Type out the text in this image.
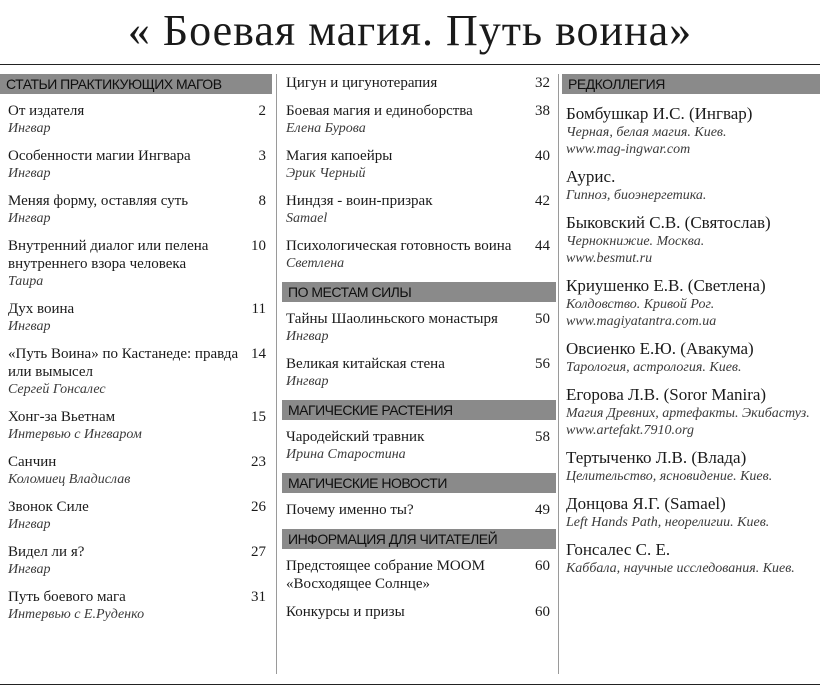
« Боевая магия. Путь воина»
СТАТЬИ ПРАКТИКУЮЩИХ МАГОВ
От издателя
Ингвар
2
Особенности магии Ингвара
Ингвар
3
Меняя форму, оставляя суть
Ингвар
8
Внутренний диалог или пелена внутреннего взора человека
Таира
10
Дух воина
Ингвар
11
«Путь Воина» по Кастанеде: правда или вымысел
Сергей Гонсалес
14
Хонг-за Вьетнам
Интервью с Ингваром
15
Санчин
Коломиец Владислав
23
Звонок Силе
Ингвар
26
Видел ли я?
Ингвар
27
Путь боевого мага
Интервью с Е.Руденко
31
Цигун и цигунотерапия	32
Боевая магия и единоборства
Елена Бурова
38
Магия капоейры
Эрик Черный
40
Ниндзя - воин-призрак
Samael
42
Психологическая готовность воина
Светлена
44
ПО МЕСТАМ СИЛЫ
Тайны Шаолиньского монастыря
Ингвар
50
Великая китайская стена
Ингвар
56
МАГИЧЕСКИЕ РАСТЕНИЯ
Чародейский травник
Ирина Старостина
58
МАГИЧЕСКИЕ НОВОСТИ
Почему именно ты?	49
ИНФОРМАЦИЯ ДЛЯ ЧИТАТЕЛЕЙ
Предстоящее собрание МООМ «Восходящее Солнце»
60
Конкурсы и призы	60
РЕДКОЛЛЕГИЯ
Бомбушкар И.С. (Ингвар)
Черная, белая магия. Киев.
www.mag-ingwar.com
Аурис.
Гипноз, биоэнергетика.
Быковский С.В. (Святослав)
Чернокнижие. Москва.
www.besmut.ru
Криушенко Е.В. (Светлена)
Колдовство. Кривой Рог.
www.magiyatantra.com.ua
Овсиенко Е.Ю. (Авакума)
Тарология, астрология. Киев.
Егорова Л.В. (Soror Manira)
Магия Древних, артефакты. Экибастуз.
www.artefakt.7910.org
Тертыченко Л.В. (Влада)
Целительство, ясновидение. Киев.
Донцова Я.Г. (Samael)
Left Hands Path, неорелигии. Киев.
Гонсалес С. Е.
Каббала, научные исследования. Киев.
